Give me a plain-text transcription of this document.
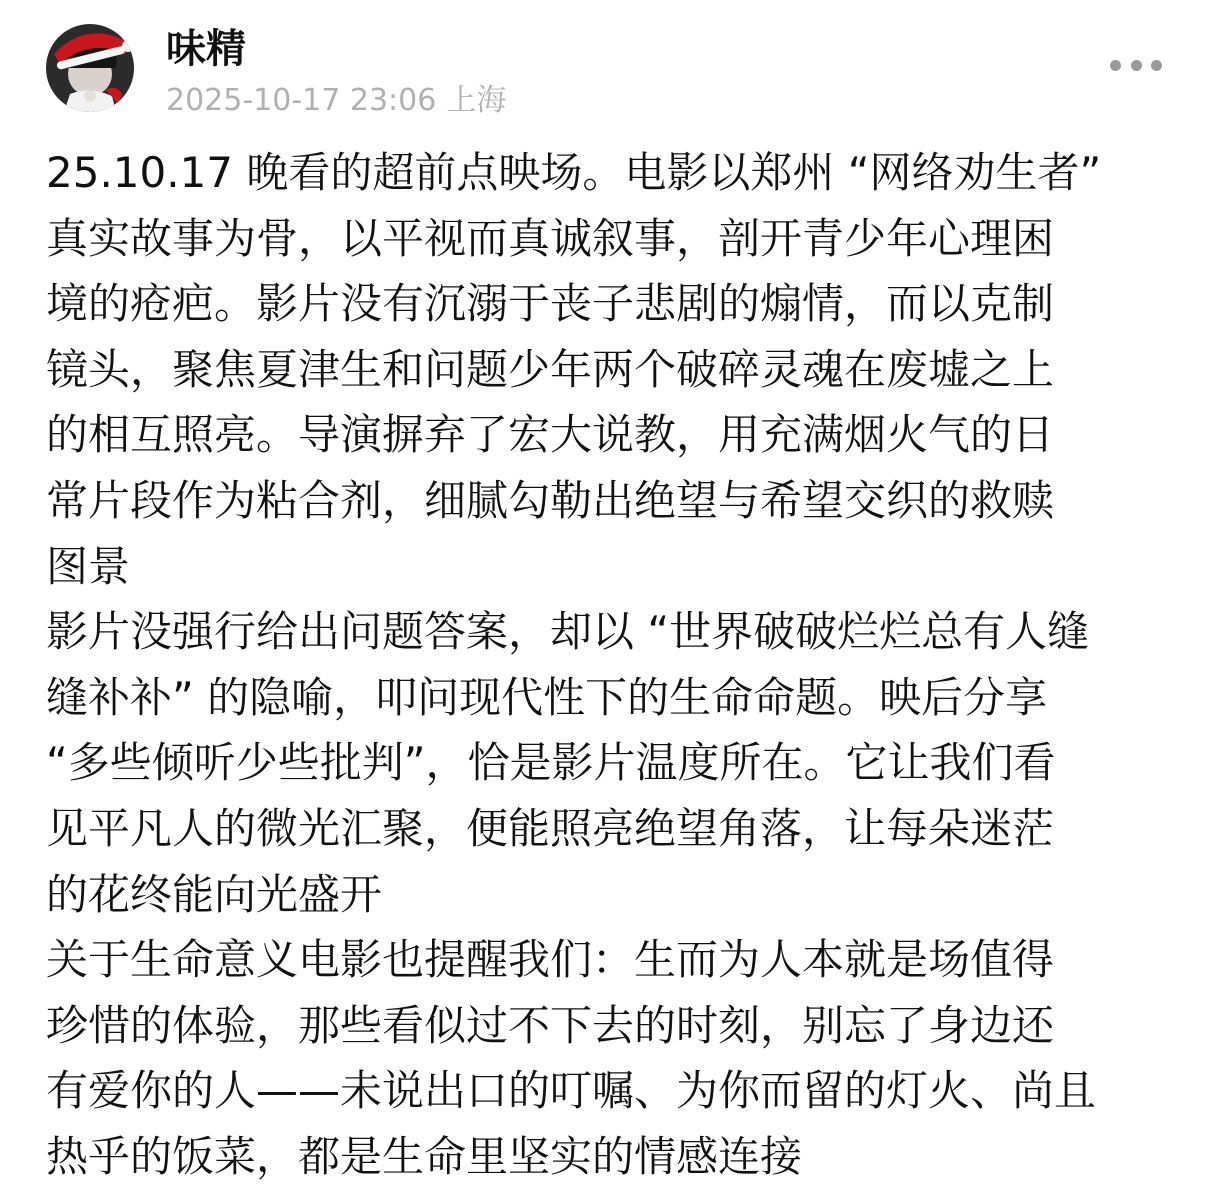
味精
2025-10-17 23:06 上海
25.10.17 晚看的超前点映场。电影以郑州 “网络劝生者”
真实故事为骨，以平视而真诚叙事，剖开青少年心理困
境的疮疤。影片没有沉溺于丧子悲剧的煽情，而以克制
镜头，聚焦夏津生和问题少年两个破碎灵魂在废墟之上
的相互照亮。导演摒弃了宏大说教，用充满烟火气的日
常片段作为粘合剂，细腻勾勒出绝望与希望交织的救赎
图景
影片没强行给出问题答案，却以 “世界破破烂烂总有人缝
缝补补” 的隐喻，叩问现代性下的生命命题。映后分享
“多些倾听少些批判”，恰是影片温度所在。它让我们看
见平凡人的微光汇聚，便能照亮绝望角落，让每朵迷茫
的花终能向光盛开
关于生命意义电影也提醒我们：生而为人本就是场值得
珍惜的体验，那些看似过不下去的时刻，别忘了身边还
有爱你的人——未说出口的叮嘱、为你而留的灯火、尚且
热乎的饭菜，都是生命里坚实的情感连接
